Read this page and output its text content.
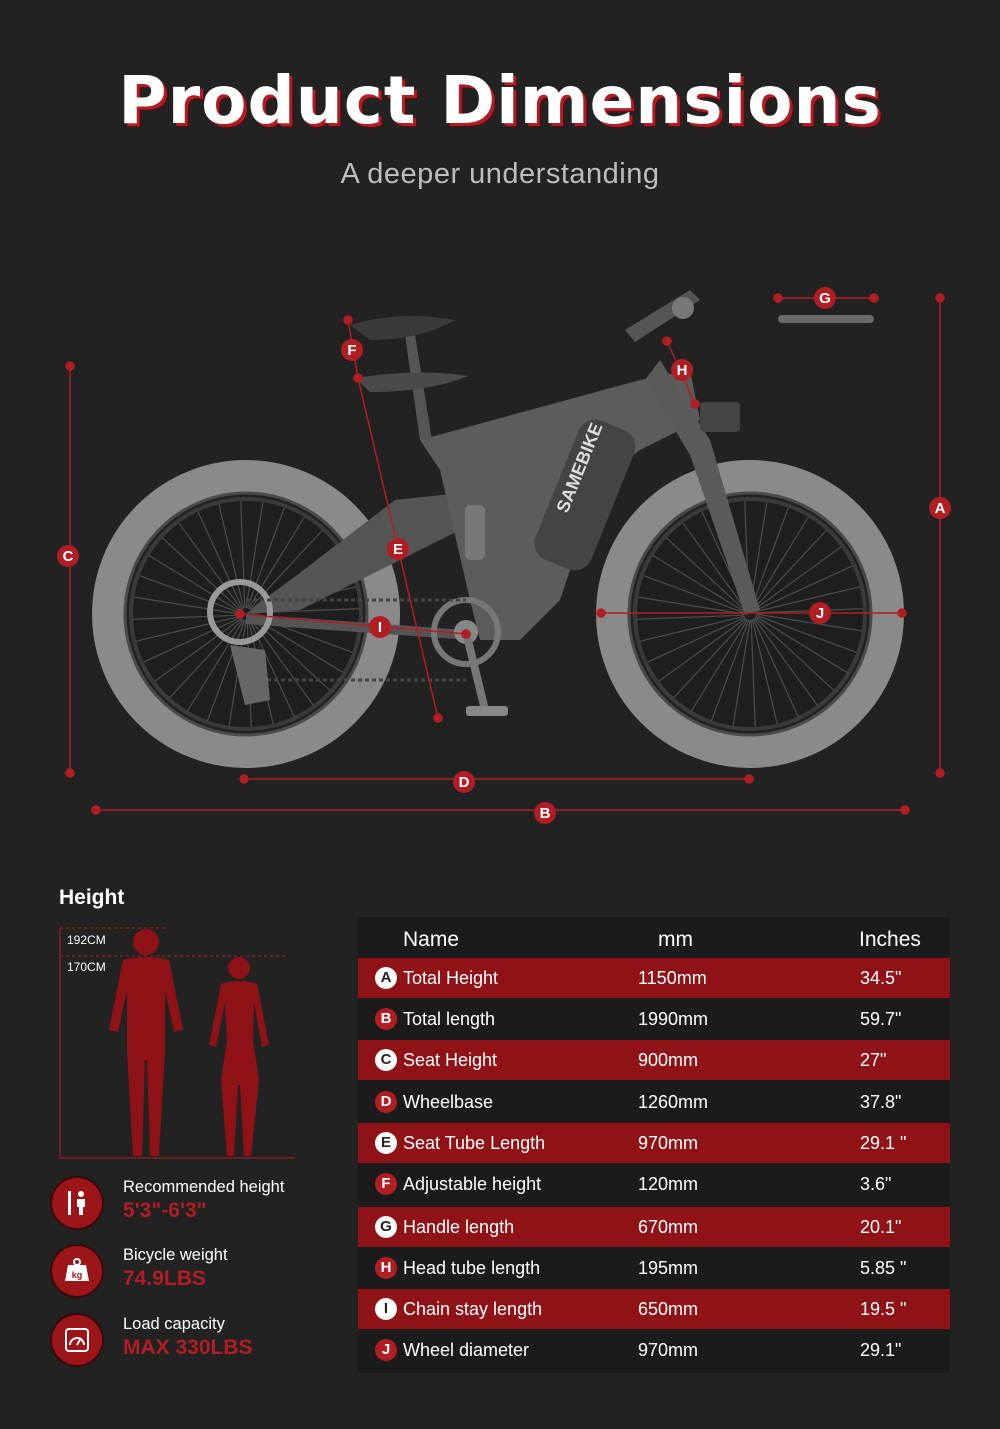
Product Dimensions
A deeper understanding
SAMEBIKE	A
B
C
D
E
F
G
H
I
J
Height
192CM
170CM
Recommended height
5'3"-6'3"
kg
Bicycle weight
74.9LBS
Load capacity
MAX 330LBS
Name	mm	Inches
A Total Height	1150mm	34.5"
B Total length	1990mm	59.7"
C Seat Height	900mm	27"
D Wheelbase	1260mm	37.8"
E Seat Tube Length	970mm	29.1 "
F Adjustable height	120mm	3.6"
G Handle length	670mm	20.1"
H Head tube length	195mm	5.85 "
I Chain stay length	650mm	19.5 "
J Wheel diameter	970mm	29.1"
